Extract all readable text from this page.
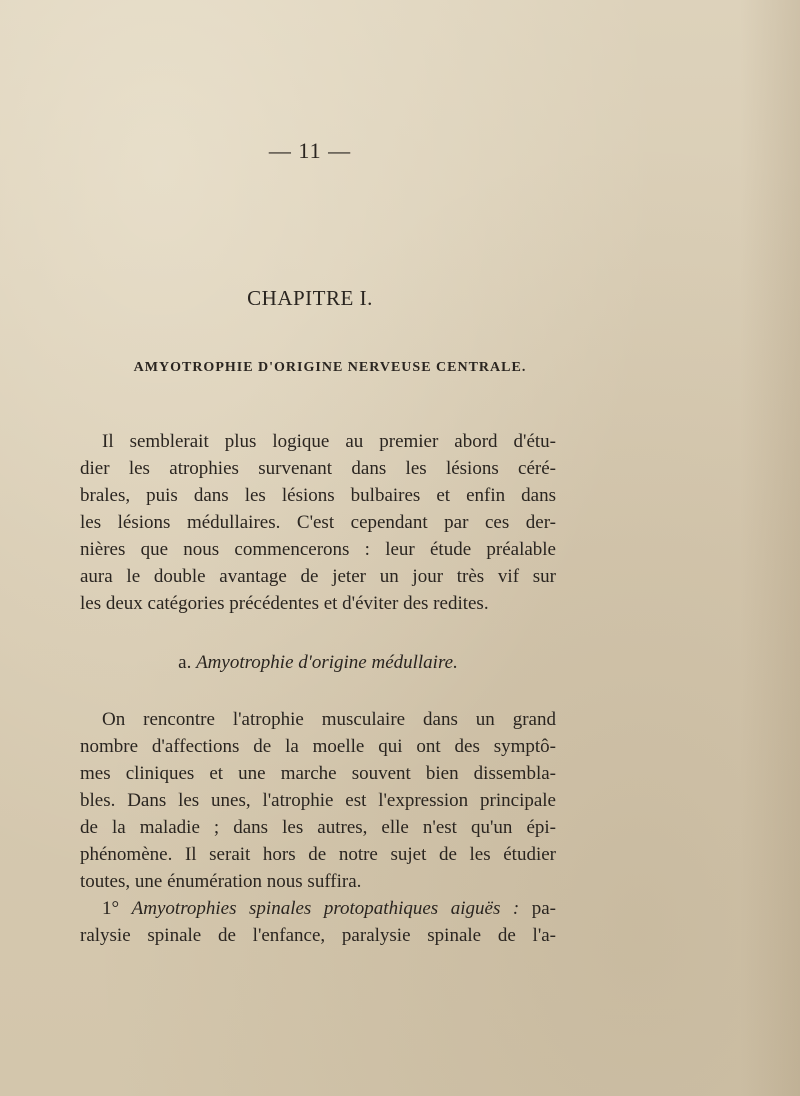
— 11 —
CHAPITRE I.
AMYOTROPHIE D'ORIGINE NERVEUSE CENTRALE.
Il semblerait plus logique au premier abord d'étu-
dier les atrophies survenant dans les lésions céré-
brales, puis dans les lésions bulbaires et enfin dans
les lésions médullaires. C'est cependant par ces der-
nières que nous commencerons : leur étude préalable
aura le double avantage de jeter un jour très vif sur
les deux catégories précédentes et d'éviter des redites.
a. Amyotrophie d'origine médullaire.
On rencontre l'atrophie musculaire dans un grand
nombre d'affections de la moelle qui ont des symptô-
mes cliniques et une marche souvent bien dissembla-
bles. Dans les unes, l'atrophie est l'expression principale
de la maladie ; dans les autres, elle n'est qu'un épi-
phénomène. Il serait hors de notre sujet de les étudier
toutes, une énumération nous suffira.
1° Amyotrophies spinales protopathiques aiguës : pa-
ralysie spinale de l'enfance, paralysie spinale de l'a-
